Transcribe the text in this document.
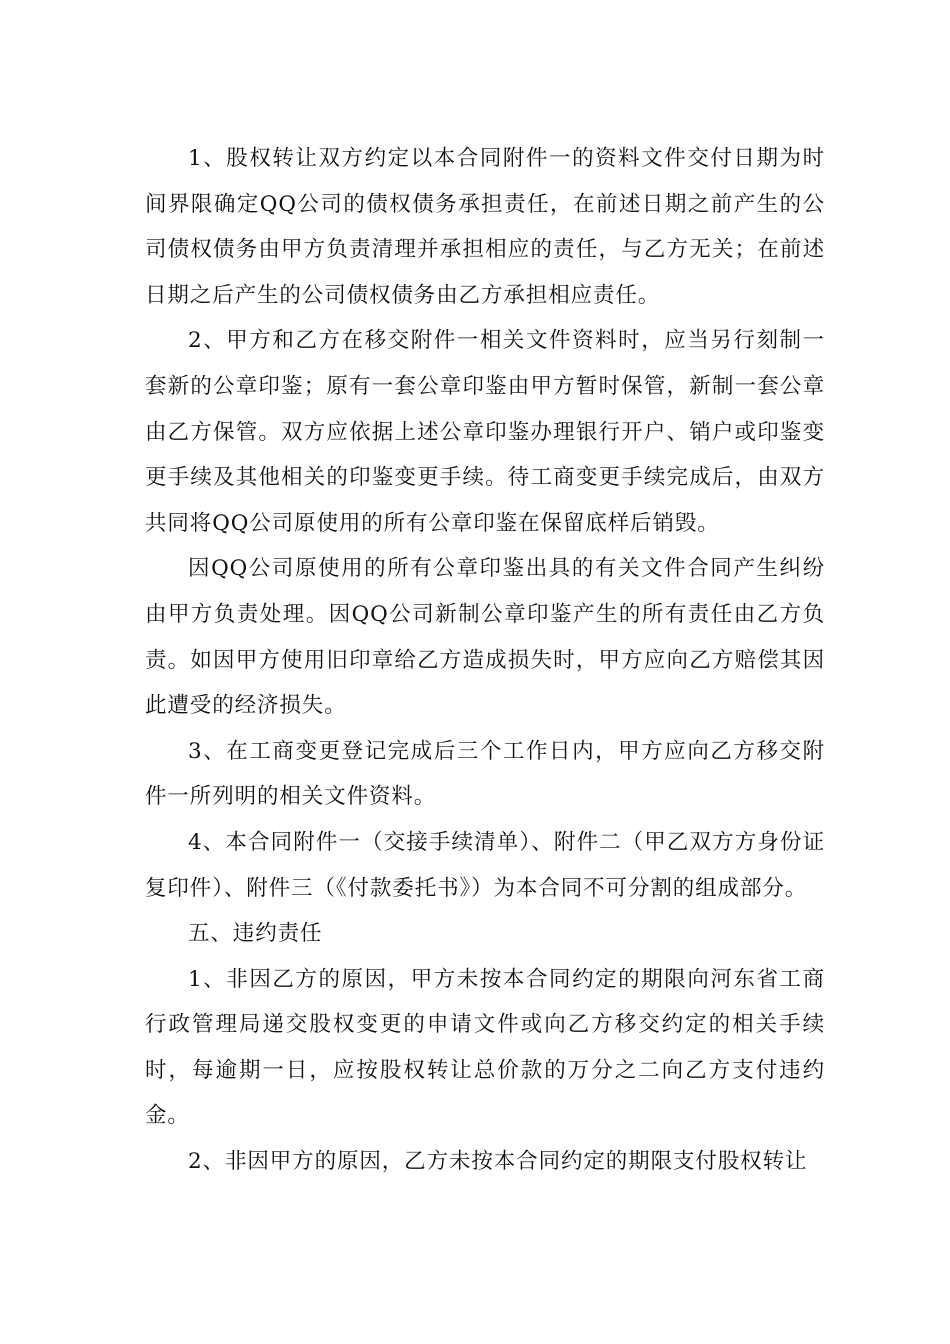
1、股权转让双方约定以本合同附件一的资料文件交付日期为时间界限确定QQ公司的债权债务承担责任，在前述日期之前产生的公司债权债务由甲方负责清理并承担相应的责任，与乙方无关；在前述日期之后产生的公司债权债务由乙方承担相应责任。

2、甲方和乙方在移交附件一相关文件资料时，应当另行刻制一套新的公章印鉴；原有一套公章印鉴由甲方暂时保管，新制一套公章由乙方保管。双方应依据上述公章印鉴办理银行开户、销户或印鉴变更手续及其他相关的印鉴变更手续。待工商变更手续完成后，由双方共同将QQ公司原使用的所有公章印鉴在保留底样后销毁。

因QQ公司原使用的所有公章印鉴出具的有关文件合同产生纠纷由甲方负责处理。因QQ公司新制公章印鉴产生的所有责任由乙方负责。如因甲方使用旧印章给乙方造成损失时，甲方应向乙方赔偿其因此遭受的经济损失。

3、在工商变更登记完成后三个工作日内，甲方应向乙方移交附件一所列明的相关文件资料。

4、本合同附件一（交接手续清单）、附件二（甲乙双方方身份证复印件）、附件三（《付款委托书》）为本合同不可分割的组成部分。

五、违约责任

1、非因乙方的原因，甲方未按本合同约定的期限向河东省工商行政管理局递交股权变更的申请文件或向乙方移交约定的相关手续时，每逾期一日，应按股权转让总价款的万分之二向乙方支付违约金。

2、非因甲方的原因，乙方未按本合同约定的期限支付股权转让
